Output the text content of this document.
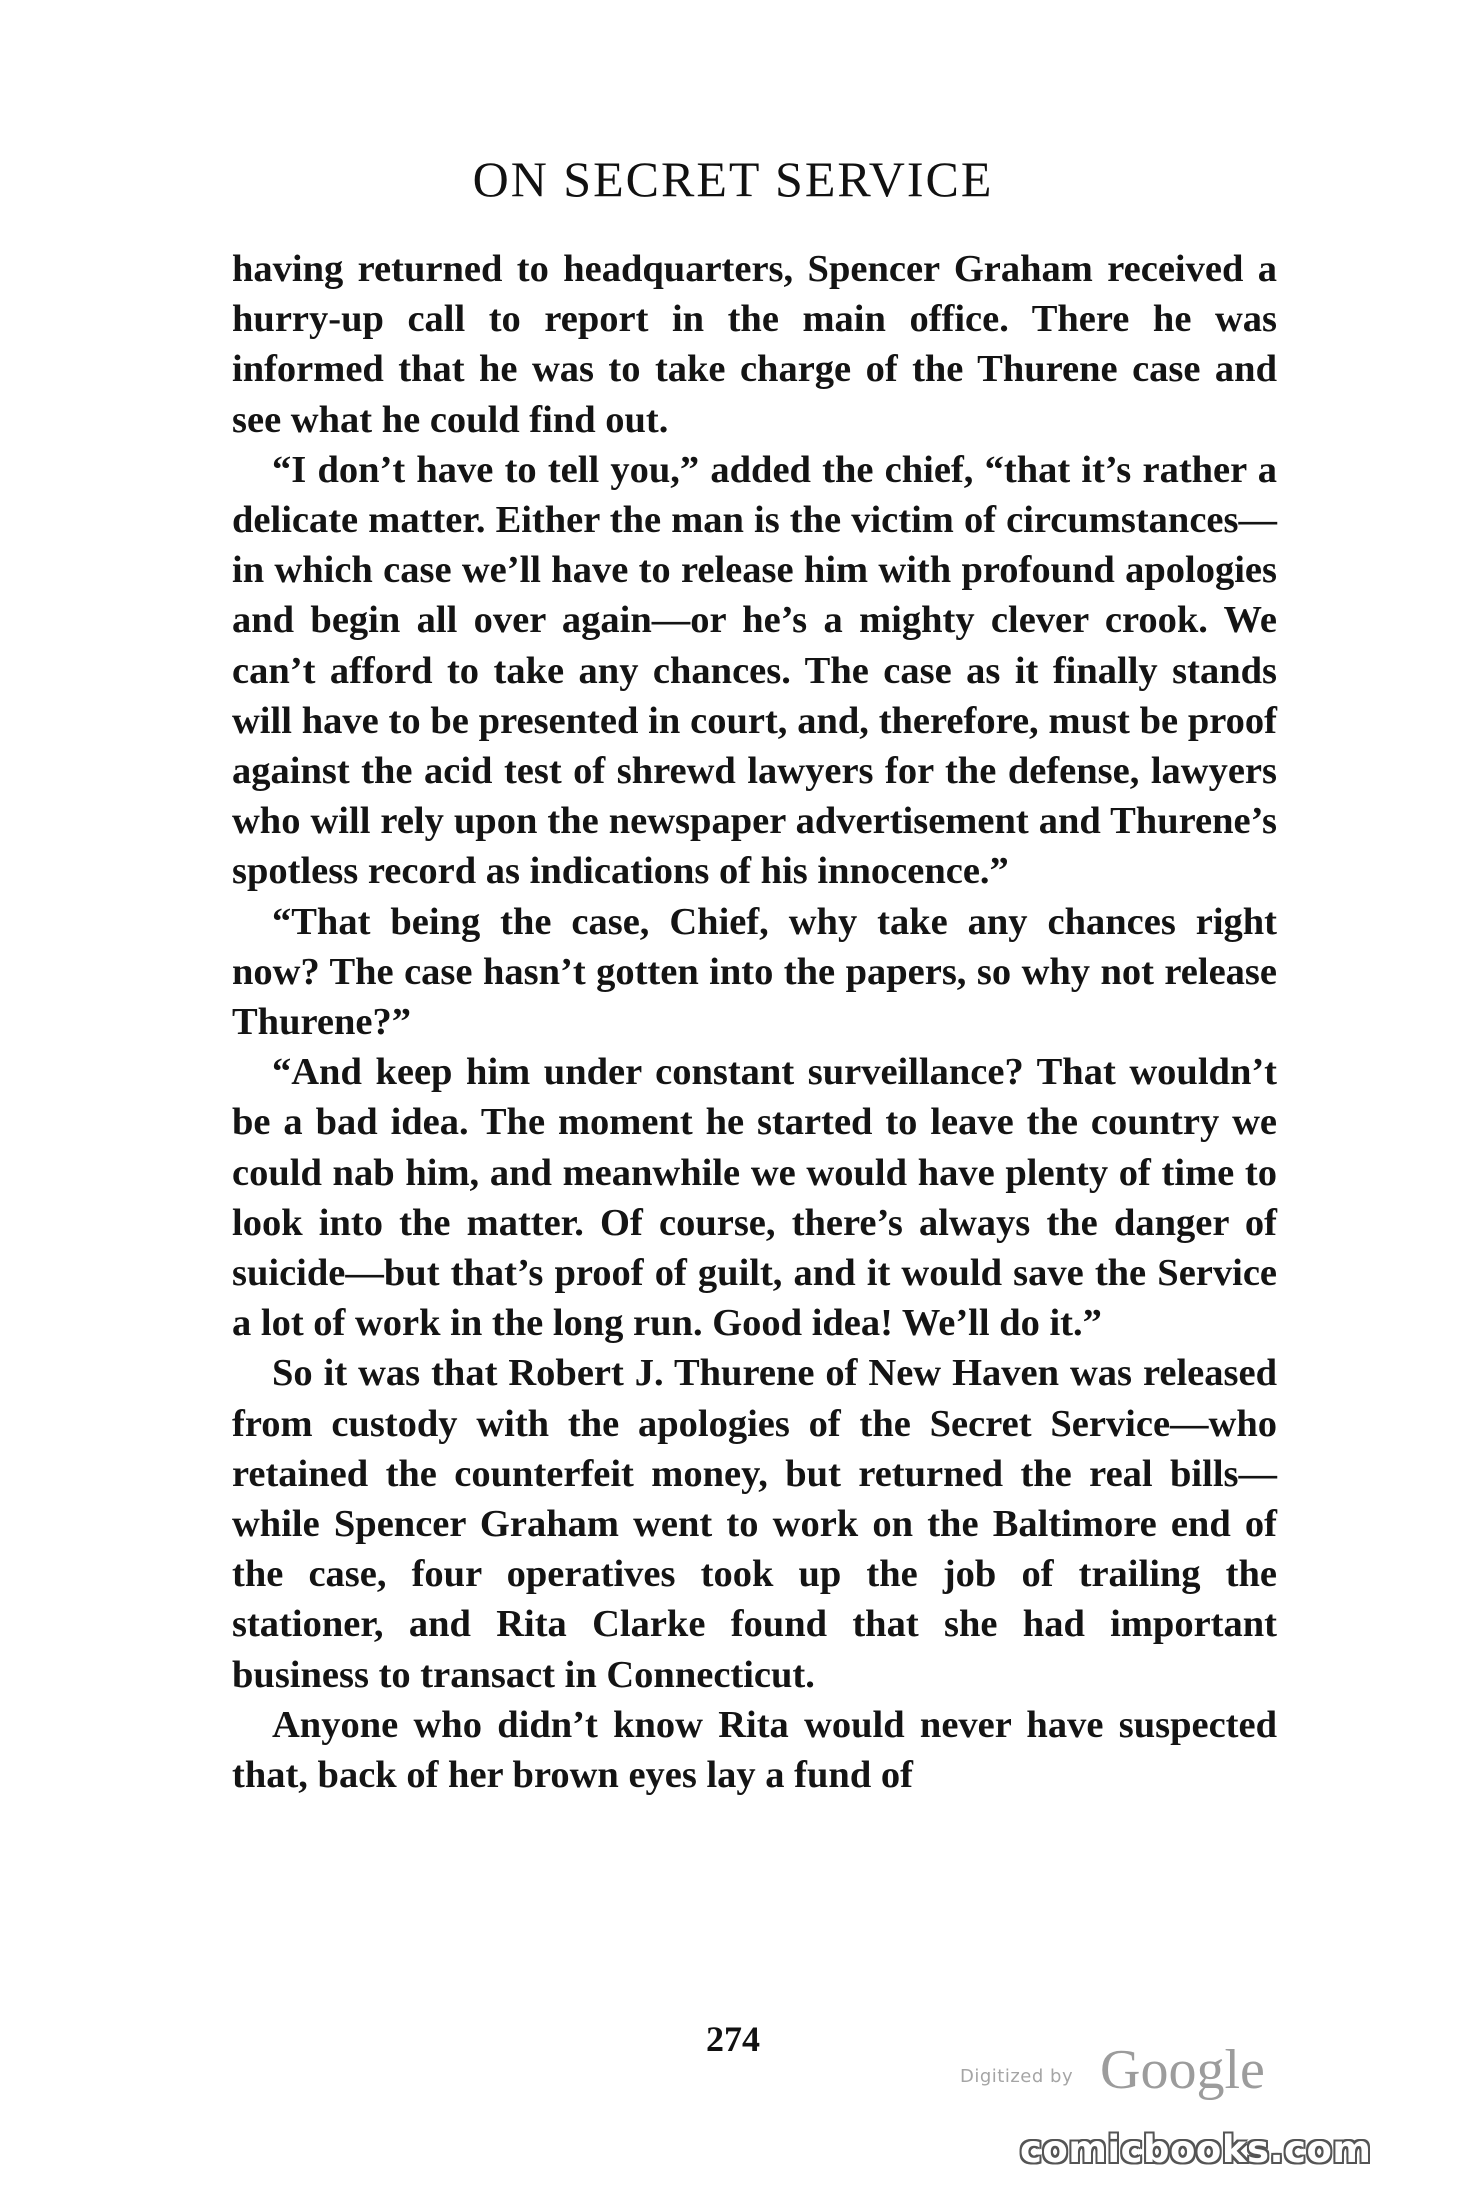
ON SECRET SERVICE

having returned to headquarters, Spencer Graham received a hurry-up call to report in the main office. There he was informed that he was to take charge of the Thurene case and see what he could find out.

“I don’t have to tell you,” added the chief, “that it’s rather a delicate matter. Either the man is the victim of circumstances—in which case we’ll have to release him with profound apologies and begin all over again—or he’s a mighty clever crook. We can’t afford to take any chances. The case as it finally stands will have to be presented in court, and, therefore, must be proof against the acid test of shrewd lawyers for the defense, lawyers who will rely upon the newspaper advertisement and Thurene’s spotless record as indications of his innocence.”

“That being the case, Chief, why take any chances right now? The case hasn’t gotten into the papers, so why not release Thurene?”

“And keep him under constant surveillance? That wouldn’t be a bad idea. The moment he started to leave the country we could nab him, and meanwhile we would have plenty of time to look into the matter. Of course, there’s always the danger of suicide—but that’s proof of guilt, and it would save the Service a lot of work in the long run. Good idea! We’ll do it.”

So it was that Robert J. Thurene of New Haven was released from custody with the apologies of the Secret Service—who retained the counterfeit money, but returned the real bills—while Spencer Graham went to work on the Baltimore end of the case, four operatives took up the job of trailing the stationer, and Rita Clarke found that she had important business to transact in Connecticut.

Anyone who didn’t know Rita would never have suspected that, back of her brown eyes lay a fund of

274
Digitized by Google
comicbooks.com
